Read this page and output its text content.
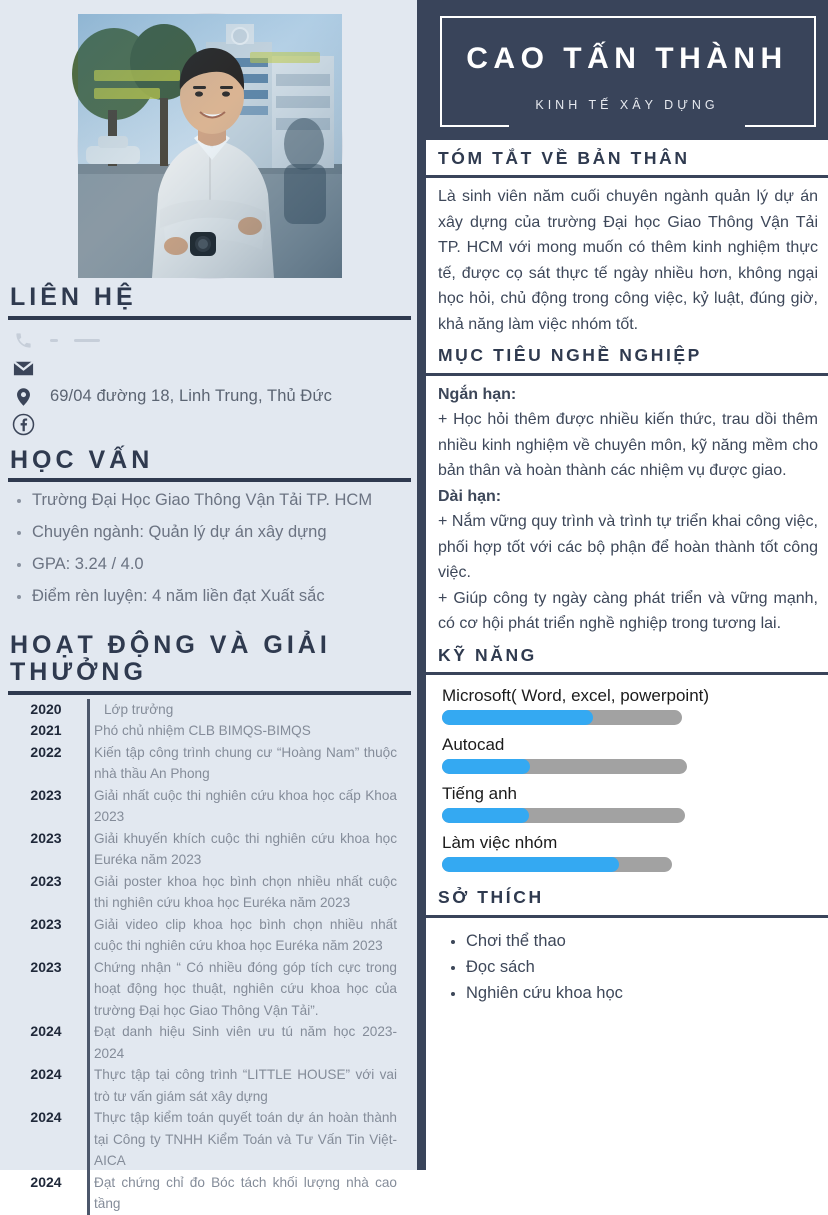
LIÊN HỆ
69/04 đường 18, Linh Trung, Thủ Đức
HỌC VẤN
• Trường Đại Học Giao Thông Vận Tải TP. HCM
• Chuyên ngành: Quản lý dự án xây dựng
• GPA: 3.24 / 4.0
• Điểm rèn luyện: 4 năm liền đạt Xuất sắc
HOẠT ĐỘNG VÀ GIẢI THƯỞNG
2020	Lớp trưởng
2021	Phó chủ nhiệm CLB BIMQS-BIMQS
2022	Kiến tập công trình chung cư “Hoàng Nam” thuộc nhà thầu An Phong
2023	Giải nhất cuộc thi nghiên cứu khoa học cấp Khoa 2023
2023	Giải khuyến khích cuộc thi nghiên cứu khoa học Euréka năm 2023
2023	Giải poster khoa học bình chọn nhiều nhất cuộc thi nghiên cứu khoa học Euréka năm 2023
2023	Giải video clip khoa học bình chọn nhiều nhất cuộc thi nghiên cứu khoa học Euréka năm 2023
2023	Chứng nhận “ Có nhiều đóng góp tích cực trong hoạt động học thuật, nghiên cứu khoa học của trường Đại học Giao Thông Vận Tải”.
2024	Đạt danh hiệu Sinh viên ưu tú năm học 2023-2024
2024	Thực tập tại công trình “LITTLE HOUSE” với vai trò tư vấn giám sát xây dựng
2024	Thực tập kiểm toán quyết toán dự án hoàn thành tại Công ty TNHH Kiểm Toán và Tư Vấn Tin Việt-AICA
2024	Đạt chứng chỉ đo Bóc tách khối lượng nhà cao tầng
CAO TẤN THÀNH
KINH TẾ XÂY DỰNG
TÓM TẮT VỀ BẢN THÂN
Là sinh viên năm cuối chuyên ngành quản lý dự án xây dựng của trường Đại học Giao Thông Vận Tải TP. HCM với mong muốn có thêm kinh nghiệm thực tế, được cọ sát thực tế ngày nhiều hơn, không ngại học hỏi, chủ động trong công việc, kỷ luật, đúng giờ, khả năng làm việc nhóm tốt.
MỤC TIÊU NGHỀ NGHIỆP
Ngắn hạn:
+ Học hỏi thêm được nhiều kiến thức, trau dồi thêm nhiều kinh nghiệm về chuyên môn, kỹ năng mềm cho bản thân và hoàn thành các nhiệm vụ được giao.
Dài hạn:
+ Nắm vững quy trình và trình tự triển khai công việc, phối hợp tốt với các bộ phận để hoàn thành tốt công việc.
+ Giúp công ty ngày càng phát triển và vững mạnh, có cơ hội phát triển nghề nghiệp trong tương lai.
KỸ NĂNG
Microsoft( Word, excel, powerpoint)
Autocad
Tiếng anh
Làm việc nhóm
SỞ THÍCH
• Chơi thể thao
• Đọc sách
• Nghiên cứu khoa học
